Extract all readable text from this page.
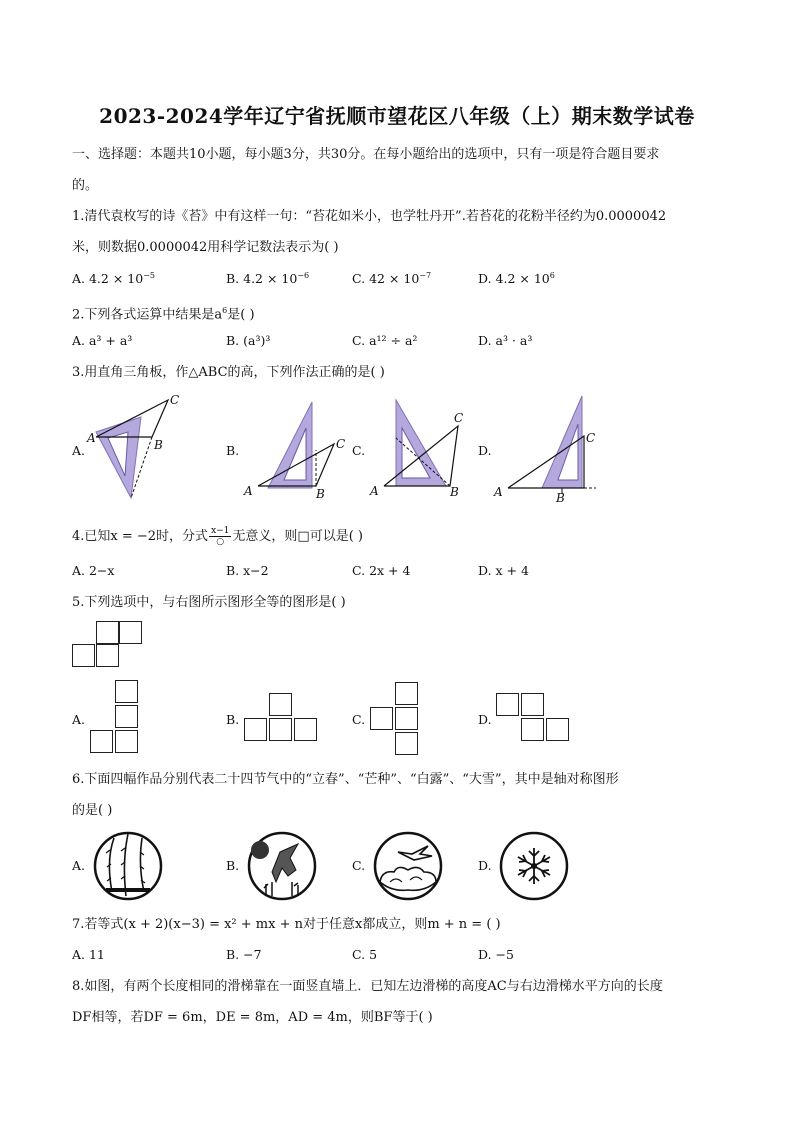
2023-2024学年辽宁省抚顺市望花区八年级（上）期末数学试卷
一、选择题：本题共10小题，每小题3分，共30分。在每小题给出的选项中，只有一项是符合题目要求
的。
1.清代袁枚写的诗《苔》中有这样一句：“苔花如米小，也学牡丹开”.若苔花的花粉半径约为0.0000042
米，则数据0.0000042用科学记数法表示为( )
A. $4.2 \times 10^{-5}$	B. $4.2 \times 10^{-6}$	C. $42 \times 10^{-7}$	D. $4.2 \times 10^6$
2.下列各式运算中结果是$a^6$是( )
A. a³ + a³	B. (a³)³	C. a¹² ÷ a²	D. a³ · a³
3.用直角三角板，作△ABC的高，下列作法正确的是( )
A.	B.	C.	D.
A	B
C
A	B
C
A	B
C
A	B
C
4.已知x = −2时，分式 x−1
○ 无意义，则□可以是( )
A. 2−x	B. x−2	C. 2x + 4	D. x + 4
5.下列选项中，与右图所示图形全等的图形是( )
A.	B.	C.	D.
6.下面四幅作品分别代表二十四节气中的“立春”、“芒种”、“白露”、“大雪”，其中是轴对称图形
的是( )
A.	B.	C.	D.
7.若等式(x + 2)(x−3) = x² + mx + n对于任意x都成立，则m + n = ( )
A. 11	B. −7	C. 5	D. −5
8.如图，有两个长度相同的滑梯靠在一面竖直墙上．已知左边滑梯的高度AC与右边滑梯水平方向的长度
DF相等，若DF = 6m，DE = 8m，AD = 4m，则BF等于( )
